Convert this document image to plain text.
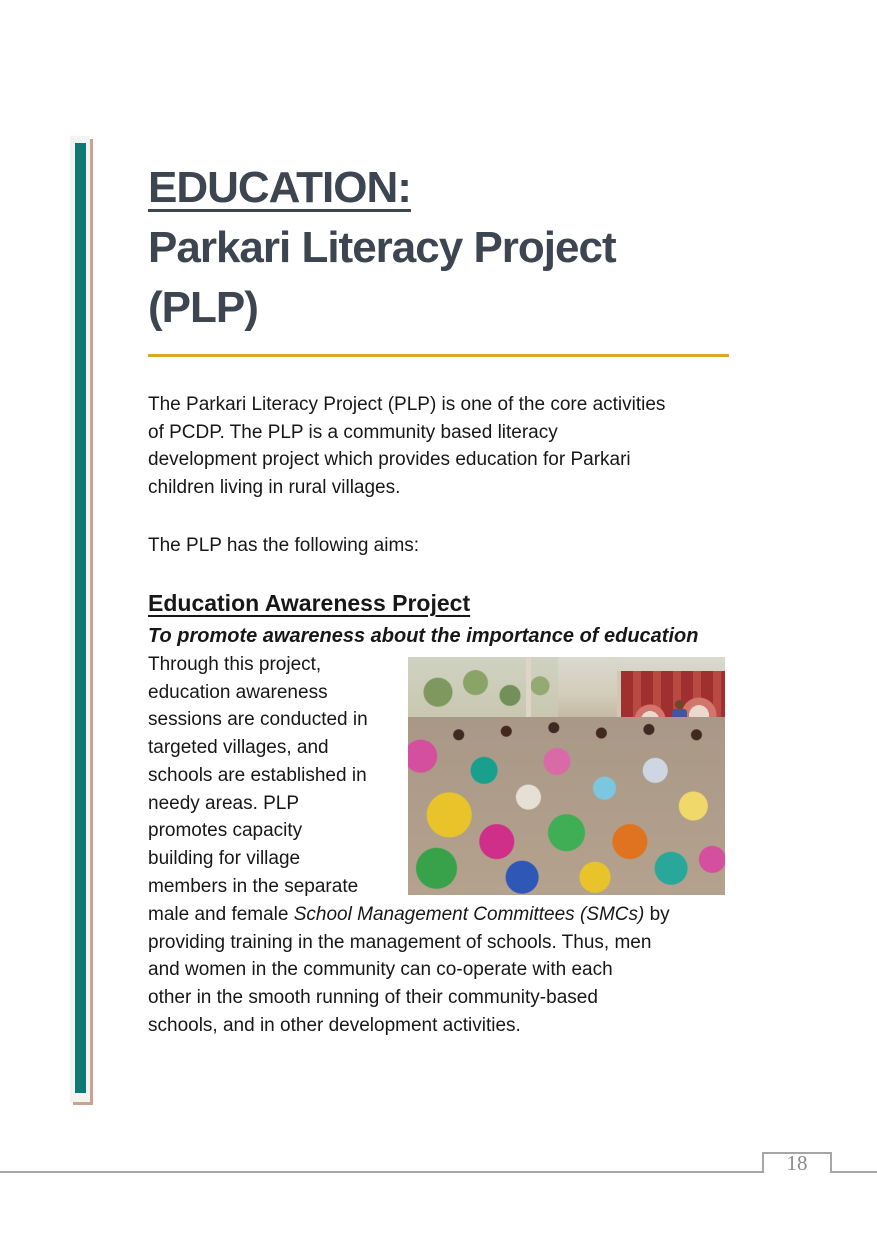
EDUCATION:
Parkari Literacy Project
(PLP)
The Parkari Literacy Project (PLP) is one of the core activities
of PCDP. The PLP is a community based literacy
development project which provides education for Parkari
children living in rural villages.
The PLP has the following aims:
Education Awareness Project
To promote awareness about the importance of education
Through this project,
education awareness
sessions are conducted in
targeted villages, and
schools are established in
needy areas. PLP
promotes capacity
building for village
members in the separate
male and female School Management Committees (SMCs) by
providing training in the management of schools. Thus, men
and women in the community can co-operate with each
other in the smooth running of their community-based
schools, and in other development activities.
18
